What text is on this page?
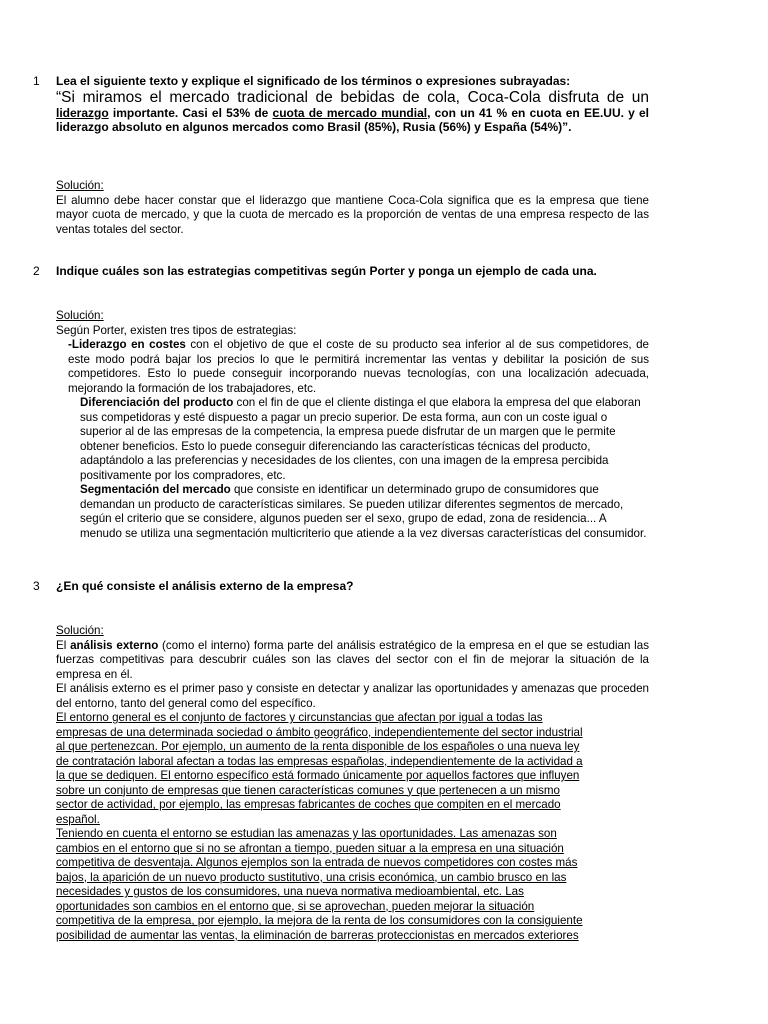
1 Lea el siguiente texto y explique el significado de los términos o expresiones subrayadas:

“Si miramos el mercado tradicional de bebidas de cola, Coca-Cola disfruta de un liderazgo importante. Casi el 53% de cuota de mercado mundial, con un 41 % en cuota en EE.UU. y el liderazgo absoluto en algunos mercados como Brasil (85%), Rusia (56%) y España (54%)”.

Solución:

El alumno debe hacer constar que el liderazgo que mantiene Coca-Cola significa que es la empresa que tiene mayor cuota de mercado, y que la cuota de mercado es la proporción de ventas de una empresa respecto de las ventas totales del sector.

2 Indique cuáles son las estrategias competitivas según Porter y ponga un ejemplo de cada una.

Solución:

Según Porter, existen tres tipos de estrategias:

-Liderazgo en costes con el objetivo de que el coste de su producto sea inferior al de sus competidores, de este modo podrá bajar los precios lo que le permitirá incrementar las ventas y debilitar la posición de sus competidores. Esto lo puede conseguir incorporando nuevas tecnologías, con una localización adecuada, mejorando la formación de los trabajadores, etc.

Diferenciación del producto con el fin de que el cliente distinga el que elabora la empresa del que elaboran sus competidoras y esté dispuesto a pagar un precio superior. De esta forma, aun con un coste igual o superior al de las empresas de la competencia, la empresa puede disfrutar de un margen que le permite obtener beneficios. Esto lo puede conseguir diferenciando las características técnicas del producto, adaptándolo a las preferencias y necesidades de los clientes, con una imagen de la empresa percibida positivamente por los compradores, etc.

Segmentación del mercado que consiste en identificar un determinado grupo de consumidores que demandan un producto de características similares. Se pueden utilizar diferentes segmentos de mercado, según el criterio que se considere, algunos pueden ser el sexo, grupo de edad, zona de residencia... A menudo se utiliza una segmentación multicriterio que atiende a la vez diversas características del consumidor.

3 ¿En qué consiste el análisis externo de la empresa?

Solución:

El análisis externo (como el interno) forma parte del análisis estratégico de la empresa en el que se estudian las fuerzas competitivas para descubrir cuáles son las claves del sector con el fin de mejorar la situación de la empresa en él.

El análisis externo es el primer paso y consiste en detectar y analizar las oportunidades y amenazas que proceden del entorno, tanto del general como del específico.

El entorno general es el conjunto de factores y circunstancias que afectan por igual a todas las
empresas de una determinada sociedad o ámbito geográfico, independientemente del sector industrial
al que pertenezcan. Por ejemplo, un aumento de la renta disponible de los españoles o una nueva ley
de contratación laboral afectan a todas las empresas españolas, independientemente de la actividad a
la que se dediquen. El entorno específico está formado únicamente por aquellos factores que influyen
sobre un conjunto de empresas que tienen características comunes y que pertenecen a un mismo
sector de actividad, por ejemplo, las empresas fabricantes de coches que compiten en el mercado
español.
Teniendo en cuenta el entorno se estudian las amenazas y las oportunidades. Las amenazas son
cambios en el entorno que si no se afrontan a tiempo, pueden situar a la empresa en una situación
competitiva de desventaja. Algunos ejemplos son la entrada de nuevos competidores con costes más
bajos, la aparición de un nuevo producto sustitutivo, una crisis económica, un cambio brusco en las
necesidades y gustos de los consumidores, una nueva normativa medioambiental, etc. Las
oportunidades son cambios en el entorno que, si se aprovechan, pueden mejorar la situación
competitiva de la empresa, por ejemplo, la mejora de la renta de los consumidores con la consiguiente
posibilidad de aumentar las ventas, la eliminación de barreras proteccionistas en mercados exteriores
